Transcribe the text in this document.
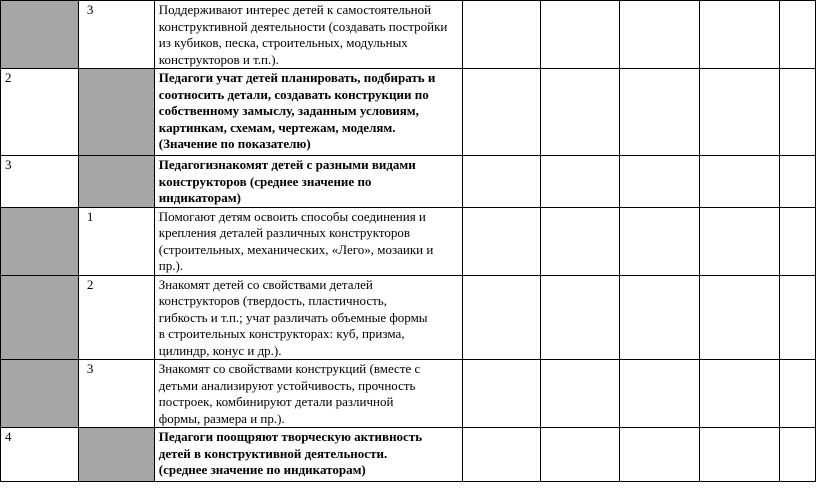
	3	Поддерживают интерес детей к самостоятельной
конструктивной деятельности (создавать постройки
из кубиков, песка, строительных, модульных
конструкторов и т.п.).					
2		Педагоги учат детей планировать, подбирать и
соотносить детали, создавать конструкции по
собственному замыслу, заданным условиям,
картинкам, схемам, чертежам, моделям.
(Значение по показателю)					
3		Педагогизнакомят детей с разными видами
конструкторов (среднее значение по
индикаторам)					
	1	Помогают детям освоить способы соединения и
крепления деталей различных конструкторов
(строительных, механических, «Лего», мозаики и
пр.).					
	2	Знакомят детей со свойствами деталей
конструкторов (твердость, пластичность,
гибкость и т.п.; учат различать объемные формы
в строительных конструкторах: куб, призма,
цилиндр, конус и др.).					
	3	Знакомят со свойствами конструкций (вместе с
детьми анализируют устойчивость, прочность
построек, комбинируют детали различной
формы, размера и пр.).					
4		Педагоги поощряют творческую активность
детей в конструктивной деятельности.
(среднее значение по индикаторам)					
